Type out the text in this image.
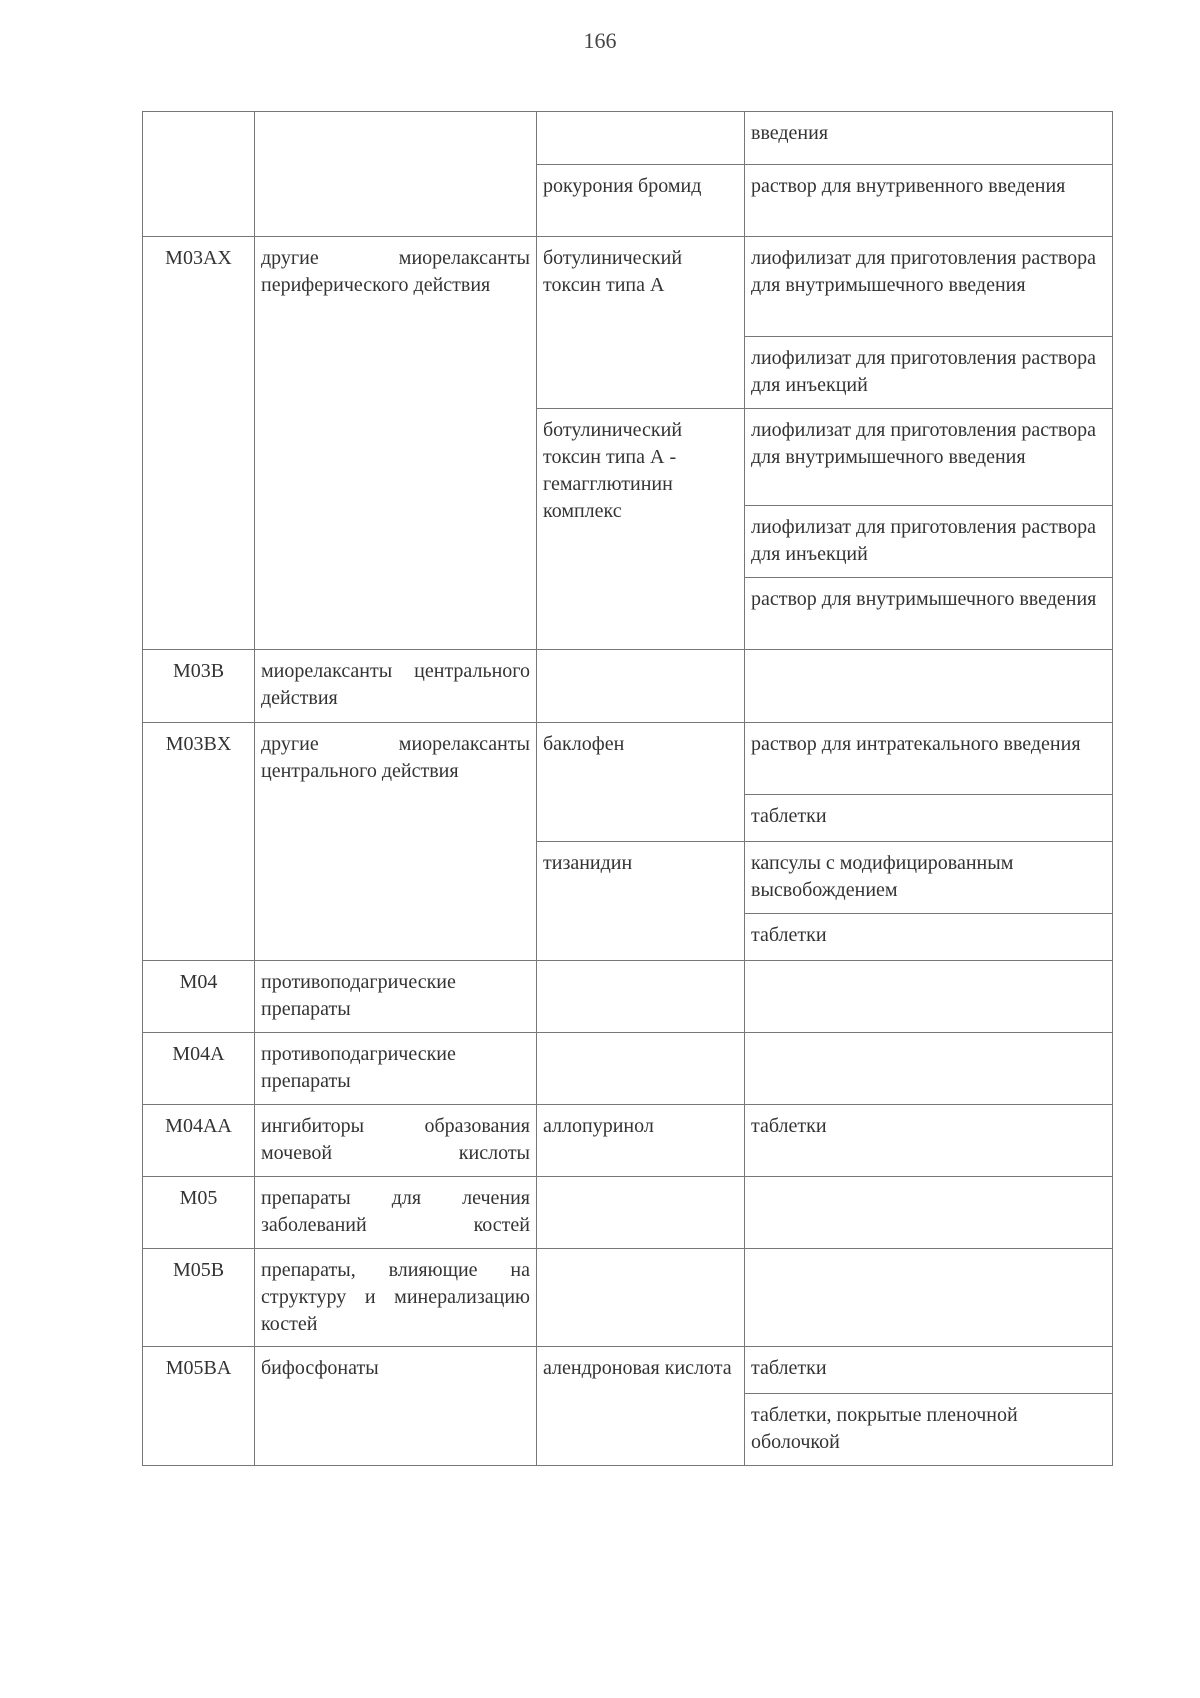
166
			введения
		рокурония бромид	раствор для внутривенного введения
M03AX	другие миорелаксанты периферического действия	ботулинический токсин типа А	лиофилизат для приготовления раствора для внутримышечного введения
			лиофилизат для приготовления раствора для инъекций
		ботулинический токсин типа А - гемагглютинин комплекс	лиофилизат для приготовления раствора для внутримышечного введения
			лиофилизат для приготовления раствора для инъекций
			раствор для внутримышечного введения
M03B	миорелаксанты центрального действия		
M03BX	другие миорелаксанты центрального действия	баклофен	раствор для интратекального введения
			таблетки
		тизанидин	капсулы с модифицированным высвобождением
			таблетки
M04	противоподагрические препараты		
M04A	противоподагрические препараты		
M04AA	ингибиторы образования мочевой кислоты	аллопуринол	таблетки
M05	препараты для лечения заболеваний костей		
M05B	препараты, влияющие на структуру и минерализацию костей		
M05BA	бифосфонаты	алендроновая кислота	таблетки
			таблетки, покрытые пленочной оболочкой
